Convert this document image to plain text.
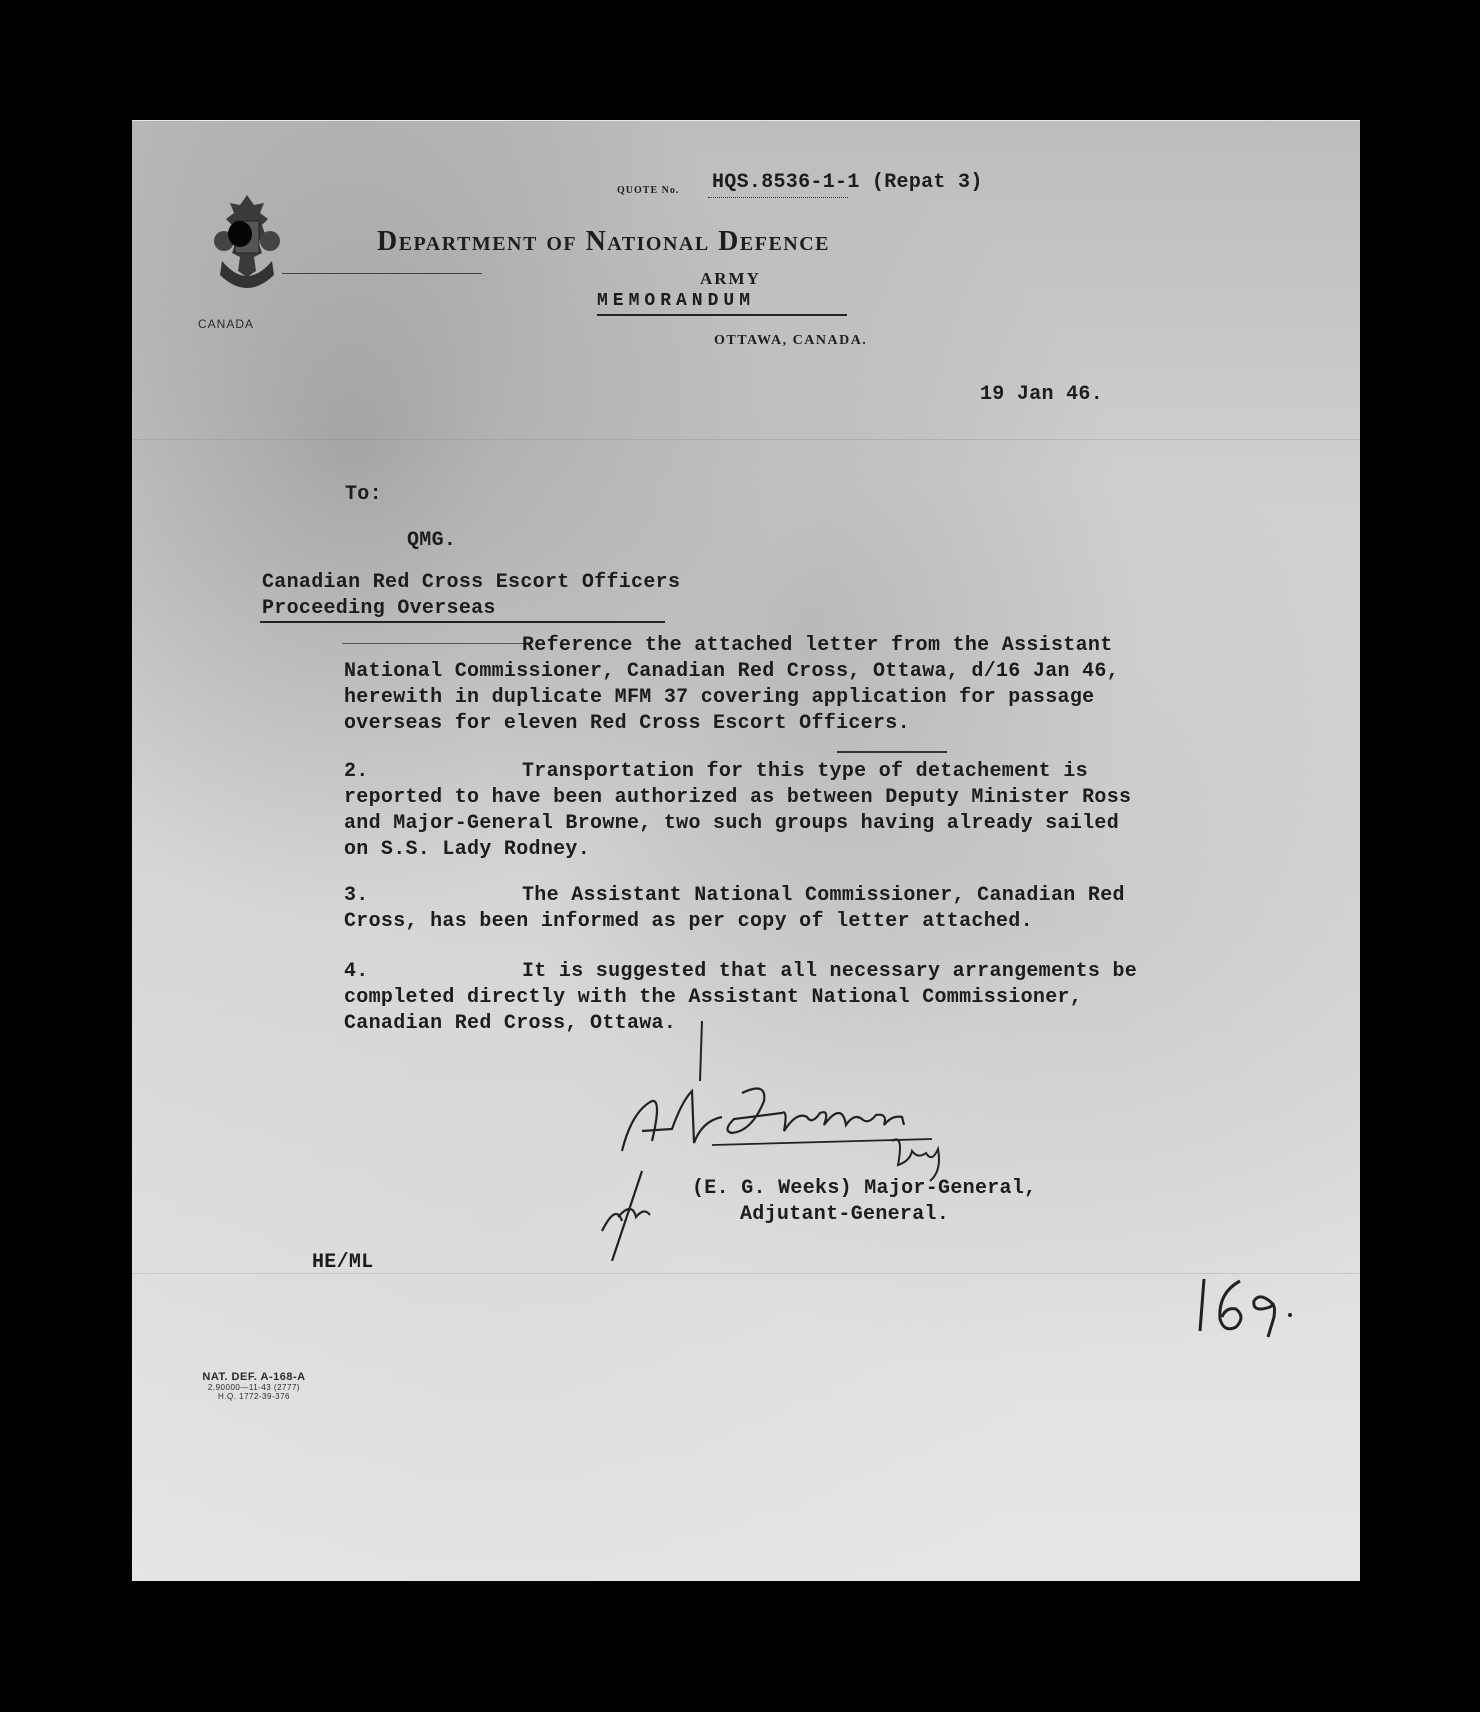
CANADA
QUOTE No. HQS.8536-1-1 (Repat 3)
Department of National Defence
ARMY
MEMORANDUM
OTTAWA, CANADA.
19 Jan 46.
To:
QMG.
Canadian Red Cross Escort Officers
Proceeding Overseas
Reference the attached letter from the Assistant
National Commissioner, Canadian Red Cross, Ottawa, d/16 Jan 46,
herewith in duplicate MFM 37 covering application for passage
overseas for eleven Red Cross Escort Officers.
2.	Transportation for this type of detachement is
reported to have been authorized as between Deputy Minister Ross
and Major-General Browne, two such groups having already sailed
on S.S. Lady Rodney.
3.	The Assistant National Commissioner, Canadian Red
Cross, has been informed as per copy of letter attached.
4.	It is suggested that all necessary arrangements be
completed directly with the Assistant National Commissioner,
Canadian Red Cross, Ottawa.
(E. G. Weeks) Major-General,
Adjutant-General.
HE/ML
NAT. DEF. A-168-A
2.90000—11-43 (2777)
H.Q. 1772-39-376
